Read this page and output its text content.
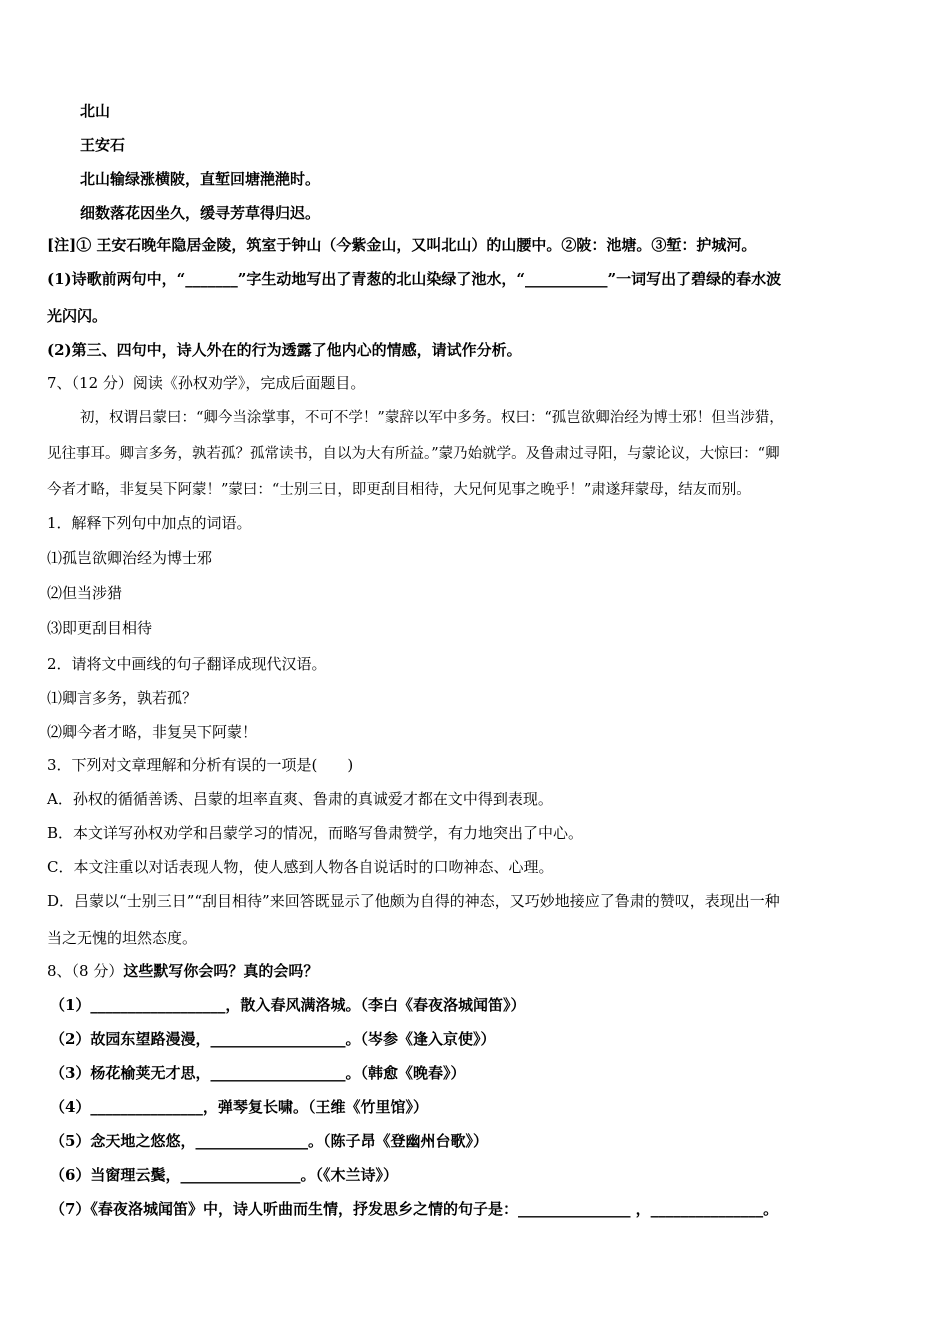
北山
王安石
北山输绿涨横陂，直堑回塘滟滟时。
细数落花因坐久，缓寻芳草得归迟。
[注]① 王安石晚年隐居金陵，筑室于钟山（今紫金山，又叫北山）的山腰中。②陂：池塘。③堑：护城河。
(1)诗歌前两句中，“_______”字生动地写出了青葱的北山染绿了池水，“___________”一词写出了碧绿的春水波
光闪闪。
(2)第三、四句中，诗人外在的行为透露了他内心的情感，请试作分析。
7、（12 分）阅读《孙权劝学》，完成后面题目。
初，权谓吕蒙曰：“卿今当涂掌事，不可不学！”蒙辞以军中多务。权曰：“孤岂欲卿治经为博士邪！但当涉猎，
见往事耳。卿言多务，孰若孤？孤常读书，自以为大有所益。”蒙乃始就学。及鲁肃过寻阳，与蒙论议，大惊曰：“卿
今者才略，非复吴下阿蒙！”蒙曰：“士别三日，即更刮目相待，大兄何见事之晚乎！”肃遂拜蒙母，结友而别。
1．解释下列句中加点的词语。
⑴孤岂欲卿治经为博士邪
⑵但当涉猎
⑶即更刮目相待
2．请将文中画线的句子翻译成现代汉语。
⑴卿言多务，孰若孤？
⑵卿今者才略，非复吴下阿蒙！
3．下列对文章理解和分析有误的一项是(　　)
A．孙权的循循善诱、吕蒙的坦率直爽、鲁肃的真诚爱才都在文中得到表现。
B．本文详写孙权劝学和吕蒙学习的情况，而略写鲁肃赞学，有力地突出了中心。
C．本文注重以对话表现人物，使人感到人物各自说话时的口吻神态、心理。
D．吕蒙以“士别三日”“刮目相待”来回答既显示了他颇为自得的神态，又巧妙地接应了鲁肃的赞叹，表现出一种
当之无愧的坦然态度。
8、（8 分）这些默写你会吗？真的会吗？
（1）__________________，散入春风满洛城。（李白《春夜洛城闻笛》）
（2）故园东望路漫漫，__________________。（岑参《逢入京使》）
（3）杨花榆荚无才思，__________________。（韩愈《晚春》）
（4）_______________，弹琴复长啸。（王维《竹里馆》）
（5）念天地之悠悠，_______________。（陈子昂《登幽州台歌》）
（6）当窗理云鬓，________________。（《木兰诗》）
（7）《春夜洛城闻笛》中，诗人听曲而生情，抒发思乡之情的句子是：_______________ ，_______________。
